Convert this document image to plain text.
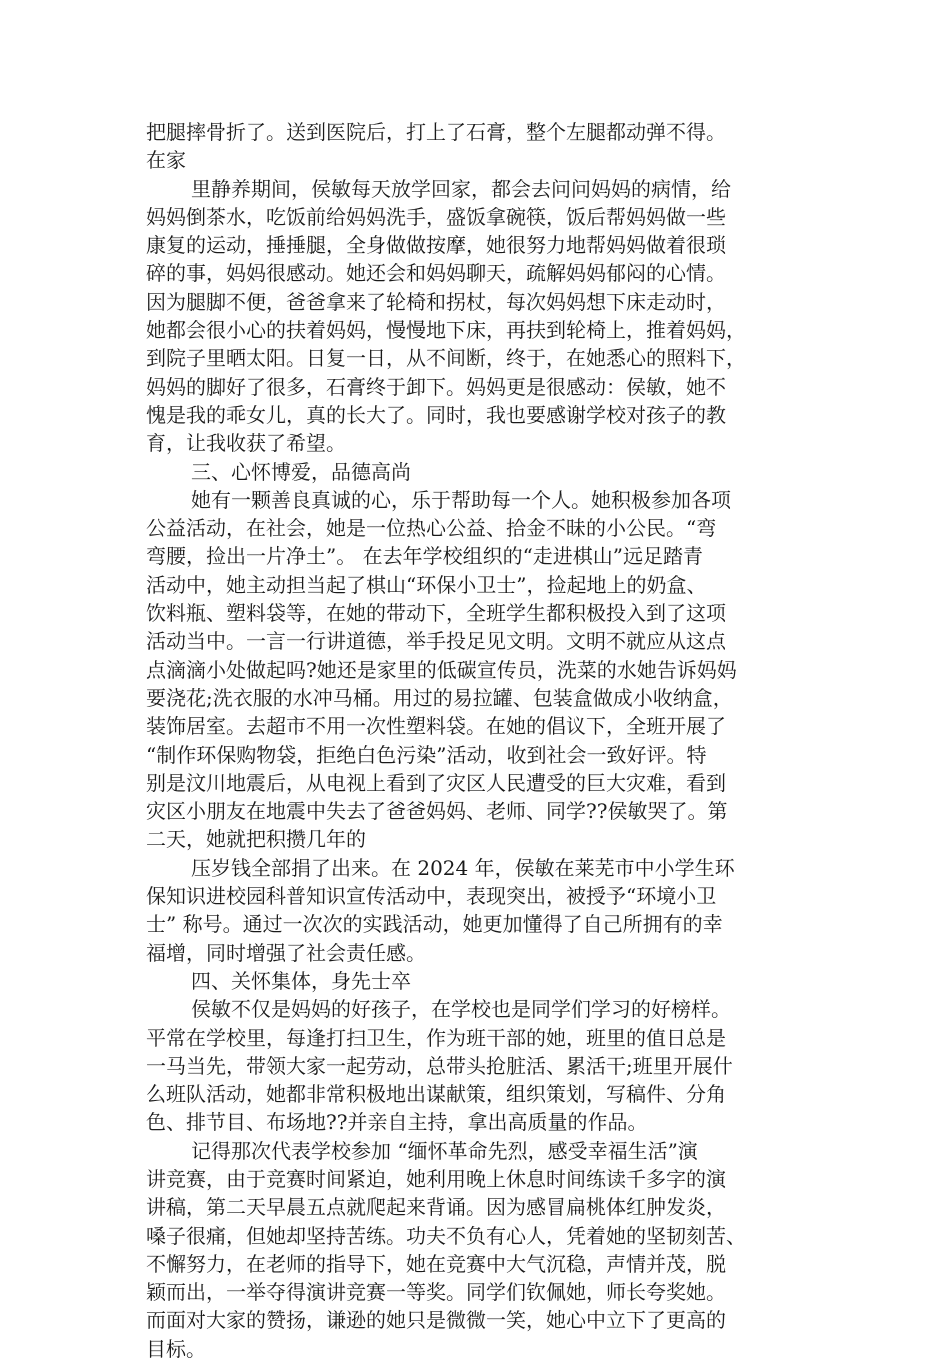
把腿摔骨折了。送到医院后，打上了石膏，整个左腿都动弹不得。
在家
里静养期间，侯敏每天放学回家，都会去问问妈妈的病情，给
妈妈倒茶水，吃饭前给妈妈洗手，盛饭拿碗筷，饭后帮妈妈做一些
康复的运动，捶捶腿，全身做做按摩，她很努力地帮妈妈做着很琐
碎的事，妈妈很感动。她还会和妈妈聊天，疏解妈妈郁闷的心情。
因为腿脚不便，爸爸拿来了轮椅和拐杖，每次妈妈想下床走动时，
她都会很小心的扶着妈妈，慢慢地下床，再扶到轮椅上，推着妈妈，
到院子里晒太阳。日复一日，从不间断，终于，在她悉心的照料下，
妈妈的脚好了很多，石膏终于卸下。妈妈更是很感动：侯敏，她不
愧是我的乖女儿，真的长大了。同时，我也要感谢学校对孩子的教
育，让我收获了希望。
三、心怀博爱，品德高尚
她有一颗善良真诚的心，乐于帮助每一个人。她积极参加各项
公益活动，在社会，她是一位热心公益、拾金不昧的小公民。“弯
弯腰，捡出一片净土”。 在去年学校组织的“走进棋山”远足踏青
活动中，她主动担当起了棋山“环保小卫士”，捡起地上的奶盒、
饮料瓶、塑料袋等，在她的带动下，全班学生都积极投入到了这项
活动当中。一言一行讲道德，举手投足见文明。文明不就应从这点
点滴滴小处做起吗?她还是家里的低碳宣传员，洗菜的水她告诉妈妈
要浇花;洗衣服的水冲马桶。用过的易拉罐、包装盒做成小收纳盒，
装饰居室。去超市不用一次性塑料袋。在她的倡议下，全班开展了
“制作环保购物袋，拒绝白色污染”活动，收到社会一致好评。特
别是汶川地震后，从电视上看到了灾区人民遭受的巨大灾难，看到
灾区小朋友在地震中失去了爸爸妈妈、老师、同学??侯敏哭了。第
二天，她就把积攒几年的
压岁钱全部捐了出来。在 2024 年，侯敏在莱芜市中小学生环
保知识进校园科普知识宣传活动中，表现突出，被授予“环境小卫
士” 称号。通过一次次的实践活动，她更加懂得了自己所拥有的幸
福增，同时增强了社会责任感。
四、关怀集体，身先士卒
侯敏不仅是妈妈的好孩子，在学校也是同学们学习的好榜样。
平常在学校里，每逢打扫卫生，作为班干部的她，班里的值日总是
一马当先，带领大家一起劳动，总带头抢脏活、累活干;班里开展什
么班队活动，她都非常积极地出谋献策，组织策划，写稿件、分角
色、排节目、布场地??并亲自主持，拿出高质量的作品。
记得那次代表学校参加 “缅怀革命先烈，感受幸福生活”演
讲竞赛，由于竞赛时间紧迫，她利用晚上休息时间练读千多字的演
讲稿，第二天早晨五点就爬起来背诵。因为感冒扁桃体红肿发炎，
嗓子很痛，但她却坚持苦练。功夫不负有心人，凭着她的坚韧刻苦、
不懈努力，在老师的指导下，她在竞赛中大气沉稳，声情并茂，脱
颖而出，一举夺得演讲竞赛一等奖。同学们钦佩她，师长夸奖她。
而面对大家的赞扬，谦逊的她只是微微一笑，她心中立下了更高的
目标。
